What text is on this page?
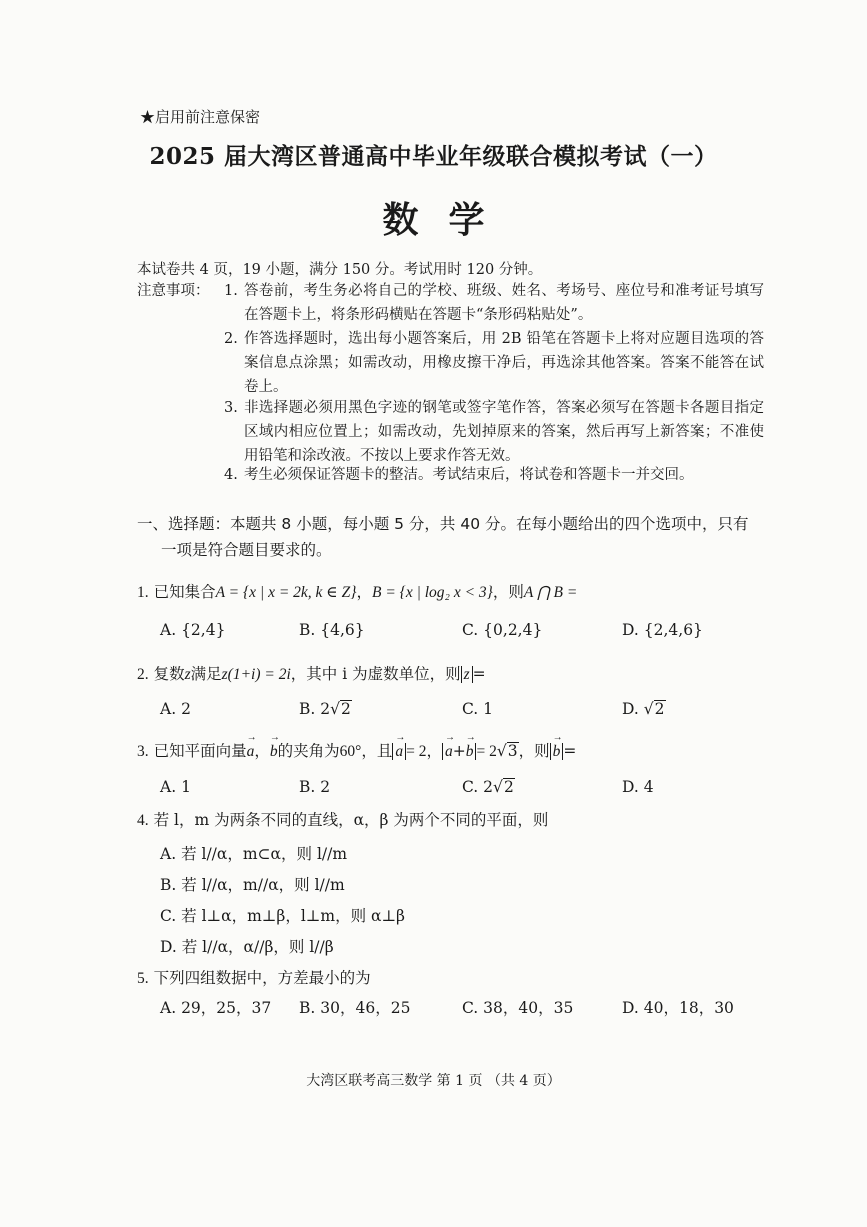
★启用前注意保密
2025 届大湾区普通高中毕业年级联合模拟考试（一）
数学
本试卷共 4 页，19 小题，满分 150 分。考试用时 120 分钟。
注意事项： 1. 答卷前，考生务必将自己的学校、班级、姓名、考场号、座位号和准考证号填写在答题卡上，将条形码横贴在答题卡“条形码粘贴处”。
2. 作答选择题时，选出每小题答案后，用 2B 铅笔在答题卡上将对应题目选项的答案信息点涂黑；如需改动，用橡皮擦干净后，再选涂其他答案。答案不能答在试卷上。
3. 非选择题必须用黑色字迹的钢笔或签字笔作答，答案必须写在答题卡各题目指定区域内相应位置上；如需改动，先划掉原来的答案，然后再写上新答案；不准使用铅笔和涂改液。不按以上要求作答无效。
4. 考生必须保证答题卡的整洁。考试结束后，将试卷和答题卡一并交回。
一、选择题：本题共 8 小题，每小题 5 分，共 40 分。在每小题给出的四个选项中，只有
一项是符合题目要求的。
1. 已知集合A = {x | x = 2k, k ∈ Z}，B = {x | log₂ x < 3}，则A ⋂ B =
A. {2,4}	B. {4,6}	C. {0,2,4}	D. {2,4,6}
2. 复数z满足z(1+i) = 2i，其中 i 为虚数单位，则 z =
A. 2	B. 2√2	C. 1	D. √2
3. 已知平面向量→ a，→ b的夹角为60°，且 → a = 2， → a+→ b = 2√3，则 → b =
A. 1	B. 2	C. 2√2	D. 4
4. 若 l，m 为两条不同的直线，α，β 为两个不同的平面，则
A. 若 l//α，m⊂α，则 l//m
B. 若 l//α，m//α，则 l//m
C. 若 l⊥α，m⊥β，l⊥m，则 α⊥β
D. 若 l//α，α//β，则 l//β
5. 下列四组数据中，方差最小的为
A. 29，25，37 B. 30，46，25	C. 38，40，35	D. 40，18，30
大湾区联考高三数学 第 1 页 （共 4 页）
